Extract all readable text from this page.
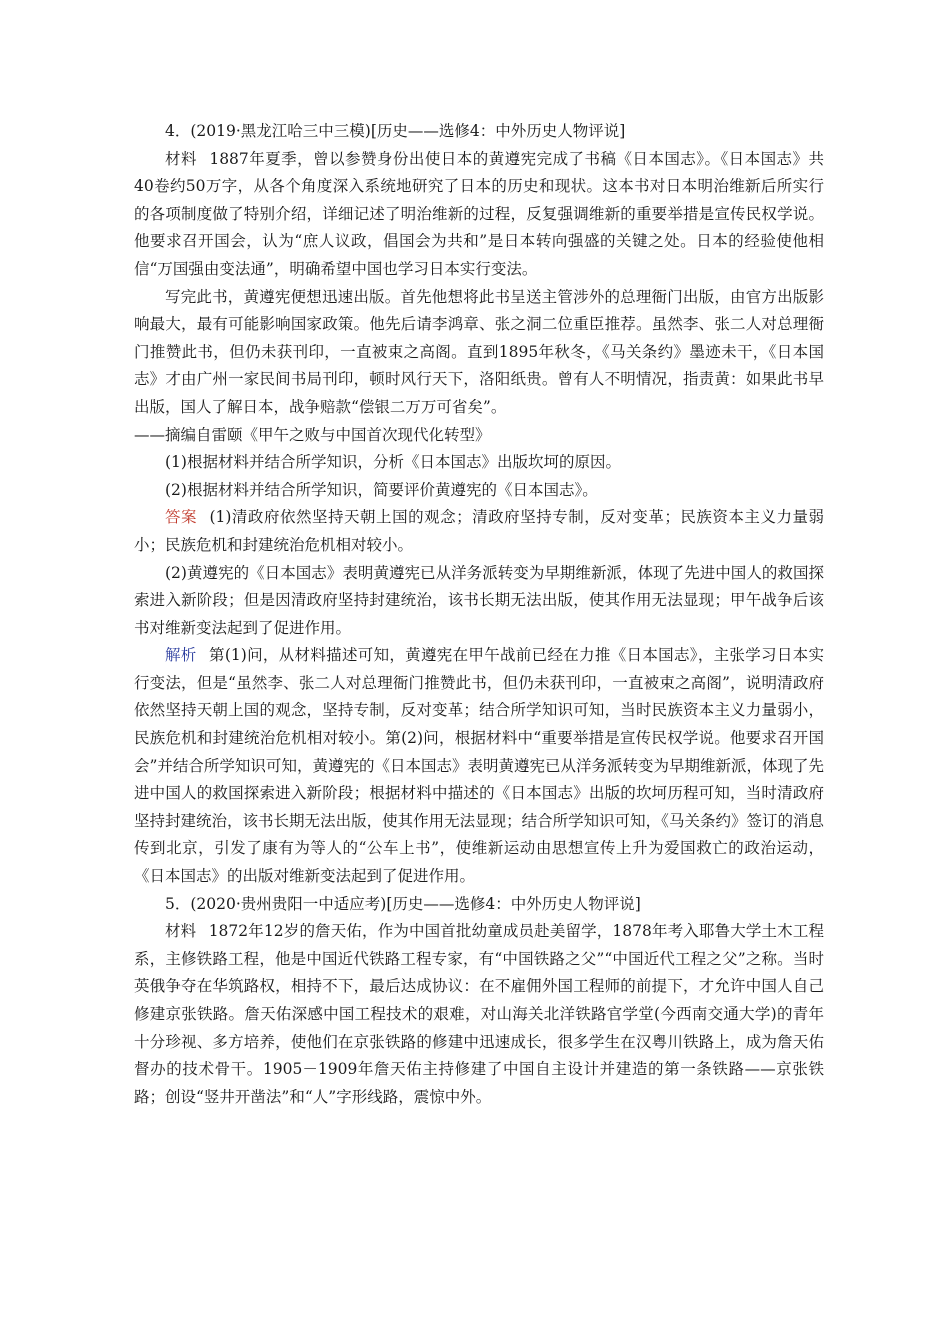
4．(2019·黑龙江哈三中三模)[历史——选修4：中外历史人物评说]

材料 1887年夏季，曾以参赞身份出使日本的黄遵宪完成了书稿《日本国志》。《日本国志》共40卷约50万字，从各个角度深入系统地研究了日本的历史和现状。这本书对日本明治维新后所实行的各项制度做了特别介绍，详细记述了明治维新的过程，反复强调维新的重要举措是宣传民权学说。他要求召开国会，认为“庶人议政，倡国会为共和”是日本转向强盛的关键之处。日本的经验使他相信“万国强由变法通”，明确希望中国也学习日本实行变法。

写完此书，黄遵宪便想迅速出版。首先他想将此书呈送主管涉外的总理衙门出版，由官方出版影响最大，最有可能影响国家政策。他先后请李鸿章、张之洞二位重臣推荐。虽然李、张二人对总理衙门推赞此书，但仍未获刊印，一直被束之高阁。直到1895年秋冬，《马关条约》墨迹未干，《日本国志》才由广州一家民间书局刊印，顿时风行天下，洛阳纸贵。曾有人不明情况，指责黄：如果此书早出版，国人了解日本，战争赔款“偿银二万万可省矣”。

——摘编自雷颐《甲午之败与中国首次现代化转型》

(1)根据材料并结合所学知识，分析《日本国志》出版坎坷的原因。

(2)根据材料并结合所学知识，简要评价黄遵宪的《日本国志》。

答案 (1)清政府依然坚持天朝上国的观念；清政府坚持专制，反对变革；民族资本主义力量弱小；民族危机和封建统治危机相对较小。

(2)黄遵宪的《日本国志》表明黄遵宪已从洋务派转变为早期维新派，体现了先进中国人的救国探索进入新阶段；但是因清政府坚持封建统治，该书长期无法出版，使其作用无法显现；甲午战争后该书对维新变法起到了促进作用。

解析 第(1)问，从材料描述可知，黄遵宪在甲午战前已经在力推《日本国志》，主张学习日本实行变法，但是“虽然李、张二人对总理衙门推赞此书，但仍未获刊印，一直被束之高阁”，说明清政府依然坚持天朝上国的观念，坚持专制，反对变革；结合所学知识可知，当时民族资本主义力量弱小，民族危机和封建统治危机相对较小。第(2)问，根据材料中“重要举措是宣传民权学说。他要求召开国会”并结合所学知识可知，黄遵宪的《日本国志》表明黄遵宪已从洋务派转变为早期维新派，体现了先进中国人的救国探索进入新阶段；根据材料中描述的《日本国志》出版的坎坷历程可知，当时清政府坚持封建统治，该书长期无法出版，使其作用无法显现；结合所学知识可知，《马关条约》签订的消息传到北京，引发了康有为等人的“公车上书”，使维新运动由思想宣传上升为爱国救亡的政治运动，《日本国志》的出版对维新变法起到了促进作用。

5．(2020·贵州贵阳一中适应考)[历史——选修4：中外历史人物评说]

材料 1872年12岁的詹天佑，作为中国首批幼童成员赴美留学，1878年考入耶鲁大学土木工程系，主修铁路工程，他是中国近代铁路工程专家，有“中国铁路之父”“中国近代工程之父”之称。当时英俄争夺在华筑路权，相持不下，最后达成协议：在不雇佣外国工程师的前提下，才允许中国人自己修建京张铁路。詹天佑深感中国工程技术的艰难，对山海关北洋铁路官学堂(今西南交通大学)的青年十分珍视、多方培养，使他们在京张铁路的修建中迅速成长，很多学生在汉粤川铁路上，成为詹天佑督办的技术骨干。1905－1909年詹天佑主持修建了中国自主设计并建造的第一条铁路——京张铁路；创设“竖井开凿法”和“人”字形线路，震惊中外。
